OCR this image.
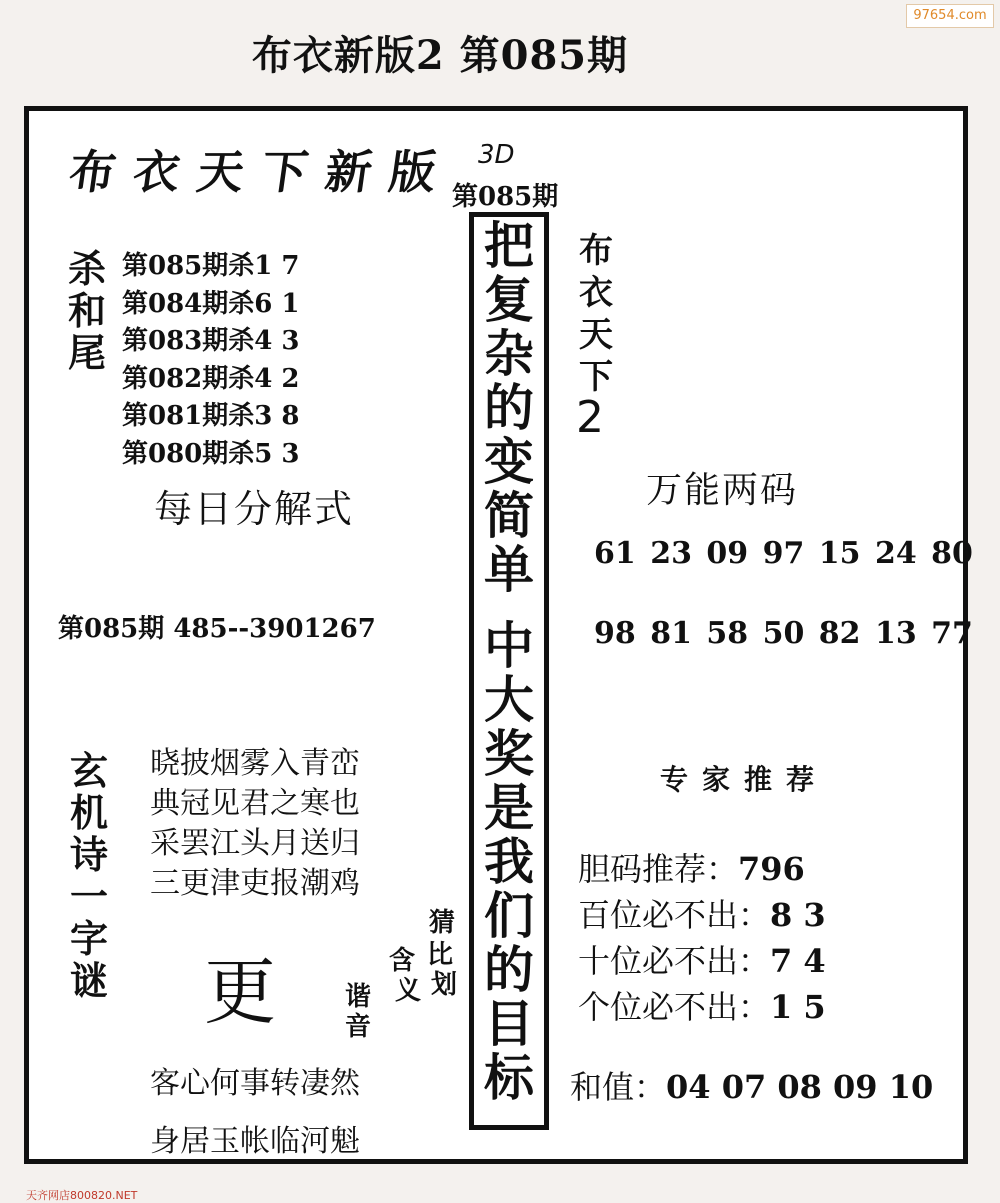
97654.com
布衣新版2 第085期
布衣天下新版 3D
第085期
杀
和
尾
第085期杀1 7
第084期杀6 1
第083期杀4 3
第082期杀4 2
第081期杀3 8
第080期杀5 3
每日分解式
第085期 485--3901267
把
复
杂
的
变
简
单
中
大
奖
是
我
们
的
目
标
布
衣
天
下
2
万能两码
61 23 09 97 15 24 80
98 81 58 50 82 13 77
专家推荐
胆码推荐：796
百位必不出：8 3
十位必不出：7 4
个位必不出：1 5
和值：04 07 08 09 10
玄
机
诗
一
字
谜
晓披烟雾入青峦
典冠见君之寒也
采罢江头月送归
三更津吏报潮鸡
更
猜
比
划
含
义
谐
音
客心何事转凄然
身居玉帐临河魁
天齐网店800820.NET
